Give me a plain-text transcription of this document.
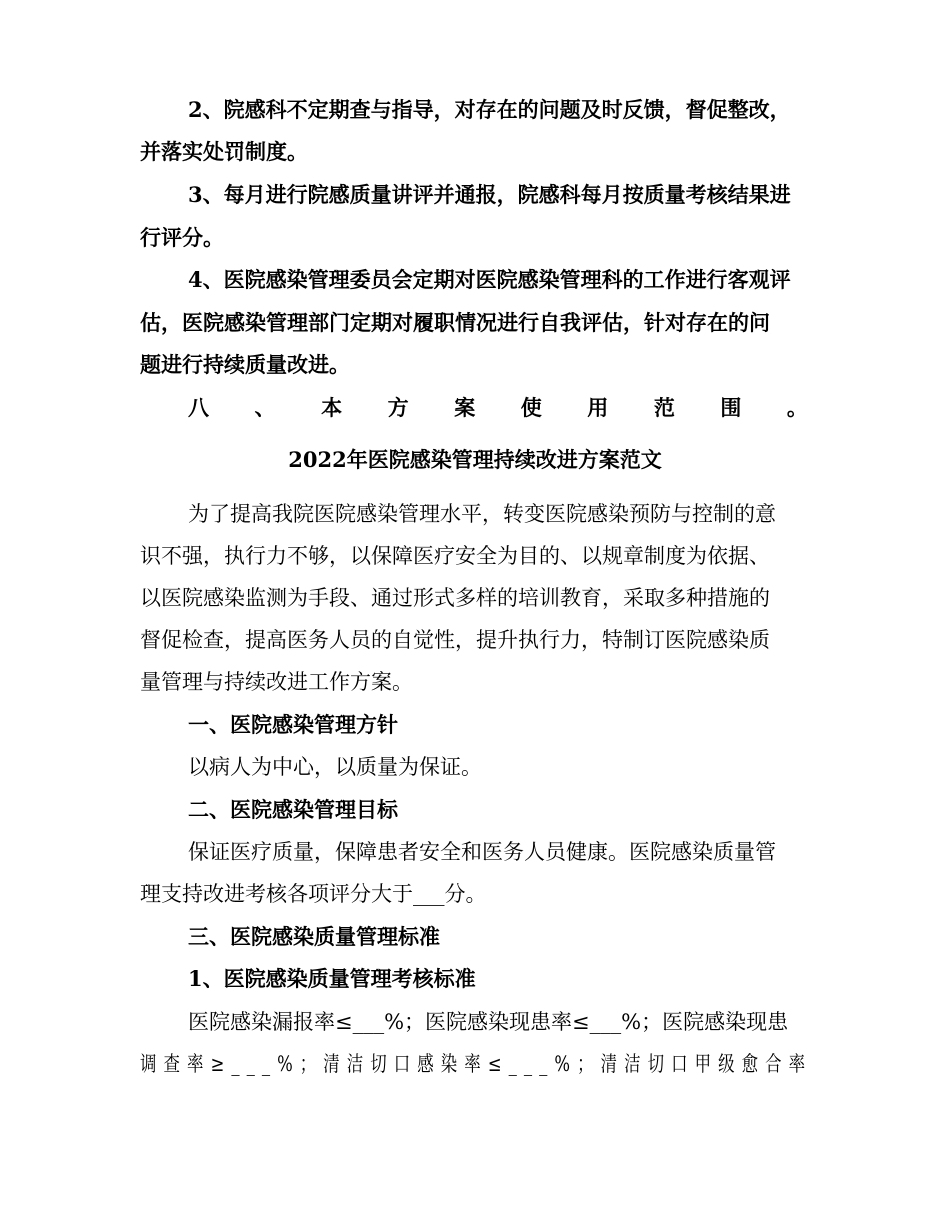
2、院感科不定期查与指导，对存在的问题及时反馈，督促整改，
并落实处罚制度。
3、每月进行院感质量讲评并通报，院感科每月按质量考核结果进
行评分。
4、医院感染管理委员会定期对医院感染管理科的工作进行客观评
估，医院感染管理部门定期对履职情况进行自我评估，针对存在的问
题进行持续质量改进。
八 、 本 方 案 使 用 范 围 。
2022年医院感染管理持续改进方案范文
为了提高我院医院感染管理水平，转变医院感染预防与控制的意
识不强，执行力不够，以保障医疗安全为目的、以规章制度为依据、
以医院感染监测为手段、通过形式多样的培训教育，采取多种措施的
督促检查，提高医务人员的自觉性，提升执行力，特制订医院感染质
量管理与持续改进工作方案。
一、医院感染管理方针
以病人为中心，以质量为保证。
二、医院感染管理目标
保证医疗质量，保障患者安全和医务人员健康。医院感染质量管
理支持改进考核各项评分大于___分。
三、医院感染质量管理标准
1、医院感染质量管理考核标准
医院感染漏报率≤___%；医院感染现患率≤___%；医院感染现患
调查率≥___%；清洁切口感染率≤___%；清洁切口甲级愈合率
